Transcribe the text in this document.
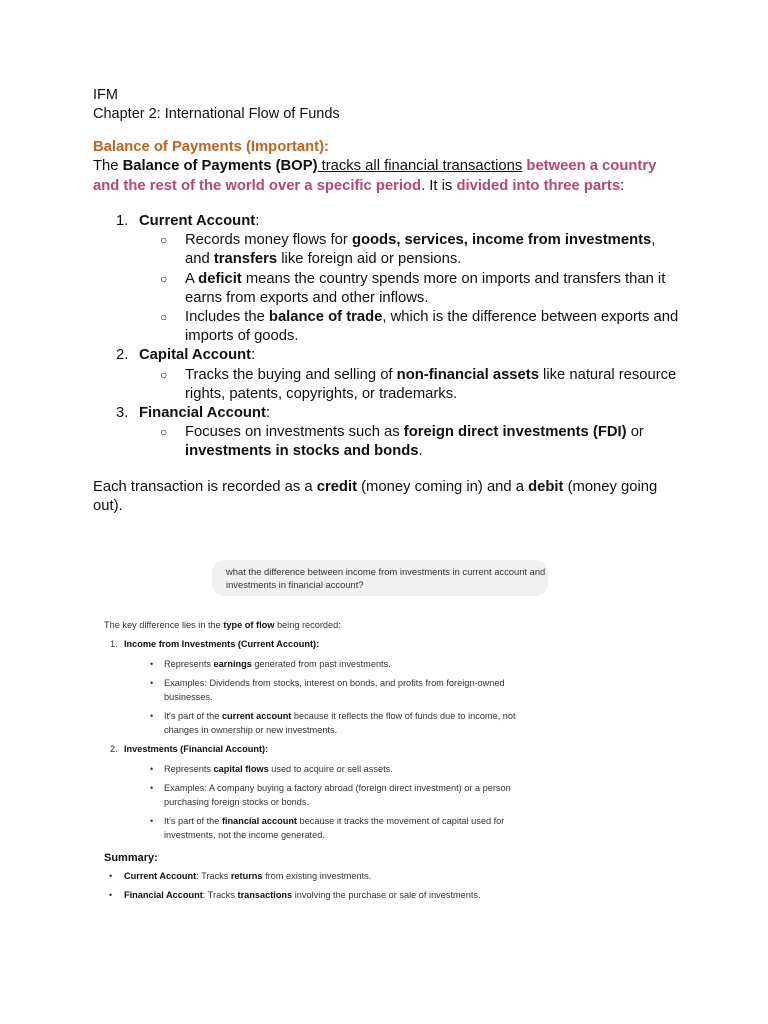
IFM

Chapter 2: International Flow of Funds

Balance of Payments (Important):

The Balance of Payments (BOP) tracks all financial transactions between a country and the rest of the world over a specific period. It is divided into three parts:

1. Current Account:
○ Records money flows for goods, services, income from investments, and transfers like foreign aid or pensions.
○ A deficit means the country spends more on imports and transfers than it earns from exports and other inflows.
○ Includes the balance of trade, which is the difference between exports and imports of goods.
2. Capital Account:
○ Tracks the buying and selling of non-financial assets like natural resource rights, patents, copyrights, or trademarks.
3. Financial Account:
○ Focuses on investments such as foreign direct investments (FDI) or investments in stocks and bonds.

Each transaction is recorded as a credit (money coming in) and a debit (money going out).

what the difference between income from investments in current account and investments in financial account?

The key difference lies in the type of flow being recorded:

1. Income from Investments (Current Account):
• Represents earnings generated from past investments.
• Examples: Dividends from stocks, interest on bonds, and profits from foreign-owned businesses.
• It's part of the current account because it reflects the flow of funds due to income, not changes in ownership or new investments.
2. Investments (Financial Account):
• Represents capital flows used to acquire or sell assets.
• Examples: A company buying a factory abroad (foreign direct investment) or a person purchasing foreign stocks or bonds.
• It's part of the financial account because it tracks the movement of capital used for investments, not the income generated.
Summary:
• Current Account: Tracks returns from existing investments.
• Financial Account: Tracks transactions involving the purchase or sale of investments.
